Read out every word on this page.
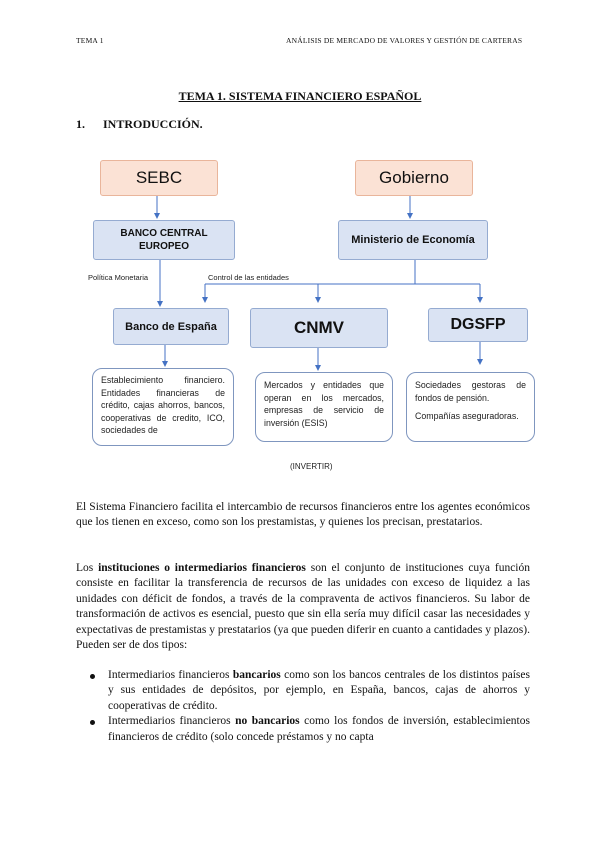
TEMA 1	ANÁLISIS DE MERCADO DE VALORES Y GESTIÓN DE CARTERAS
TEMA 1. SISTEMA FINANCIERO ESPAÑOL
1. INTRODUCCIÓN.
SEBC	Gobierno
BANCO CENTRAL
EUROPEO
Ministerio de Economía
Política Monetaria	Control de las entidades
Banco de España	CNMV	DGSFP
Establecimiento financiero. Entidades financieras de crédito, cajas ahorros, bancos, cooperativas de credito, ICO, sociedades de
Mercados y entidades que operan en los mercados, empresas de servicio de inversión (ESIS)
Sociedades gestoras de fondos de pensión.
Compañías aseguradoras.
(INVERTIR)
El Sistema Financiero facilita el intercambio de recursos financieros entre los agentes económicos que los tienen en exceso, como son los prestamistas, y quienes los precisan, prestatarios.
Los instituciones o intermediarios financieros son el conjunto de instituciones cuya función consiste en facilitar la transferencia de recursos de las unidades con exceso de liquidez a las unidades con déficit de fondos, a través de la compraventa de activos financieros. Su labor de transformación de activos es esencial, puesto que sin ella sería muy difícil casar las necesidades y expectativas de prestamistas y prestatarios (ya que pueden diferir en cuanto a cantidades y plazos). Pueden ser de dos tipos:
Intermediarios financieros bancarios como son los bancos centrales de los distintos países y sus entidades de depósitos, por ejemplo, en España, bancos, cajas de ahorros y cooperativas de crédito.
Intermediarios financieros no bancarios como los fondos de inversión, establecimientos financieros de crédito (solo concede préstamos y no capta
